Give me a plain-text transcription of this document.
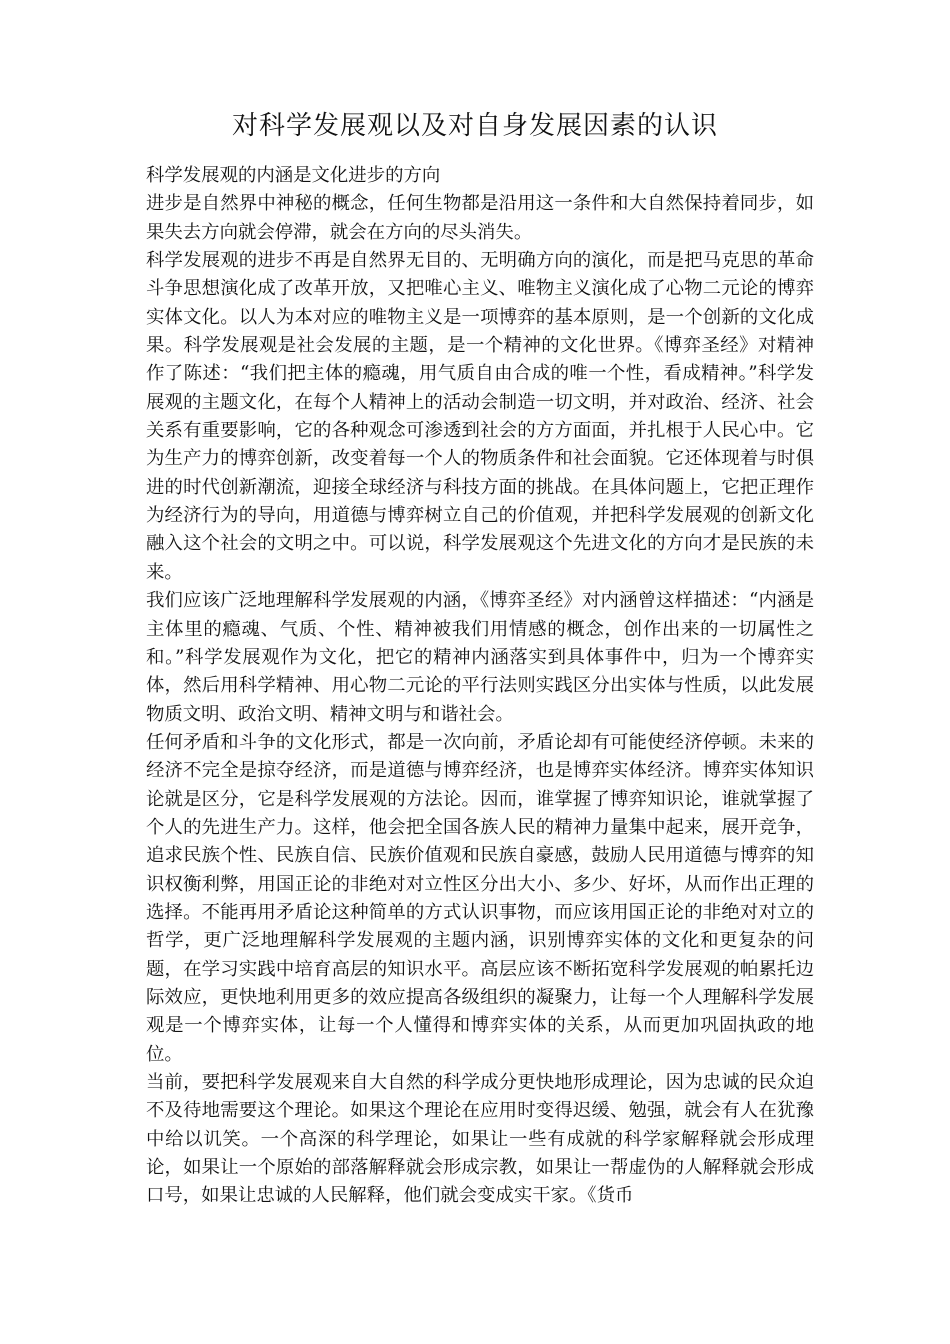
对科学发展观以及对自身发展因素的认识

科学发展观的内涵是文化进步的方向

进步是自然界中神秘的概念，任何生物都是沿用这一条件和大自然保持着同步，如果失去方向就会停滞，就会在方向的尽头消失。

科学发展观的进步不再是自然界无目的、无明确方向的演化，而是把马克思的革命斗争思想演化成了改革开放，又把唯心主义、唯物主义演化成了心物二元论的博弈实体文化。以人为本对应的唯物主义是一项博弈的基本原则，是一个创新的文化成果。科学发展观是社会发展的主题，是一个精神的文化世界。《博弈圣经》对精神作了陈述：“我们把主体的瘾魂，用气质自由合成的唯一个性，看成精神。”科学发展观的主题文化，在每个人精神上的活动会制造一切文明，并对政治、经济、社会关系有重要影响，它的各种观念可渗透到社会的方方面面，并扎根于人民心中。它为生产力的博弈创新，改变着每一个人的物质条件和社会面貌。它还体现着与时俱进的时代创新潮流，迎接全球经济与科技方面的挑战。在具体问题上，它把正理作为经济行为的导向，用道德与博弈树立自己的价值观，并把科学发展观的创新文化融入这个社会的文明之中。可以说，科学发展观这个先进文化的方向才是民族的未来。

我们应该广泛地理解科学发展观的内涵，《博弈圣经》对内涵曾这样描述：“内涵是主体里的瘾魂、气质、个性、精神被我们用情感的概念，创作出来的一切属性之和。”科学发展观作为文化，把它的精神内涵落实到具体事件中，归为一个博弈实体，然后用科学精神、用心物二元论的平行法则实践区分出实体与性质，以此发展物质文明、政治文明、精神文明与和谐社会。

任何矛盾和斗争的文化形式，都是一次向前，矛盾论却有可能使经济停顿。未来的经济不完全是掠夺经济，而是道德与博弈经济，也是博弈实体经济。博弈实体知识论就是区分，它是科学发展观的方法论。因而，谁掌握了博弈知识论，谁就掌握了个人的先进生产力。这样，他会把全国各族人民的精神力量集中起来，展开竞争，追求民族个性、民族自信、民族价值观和民族自豪感，鼓励人民用道德与博弈的知识权衡利弊，用国正论的非绝对对立性区分出大小、多少、好坏，从而作出正理的选择。不能再用矛盾论这种简单的方式认识事物，而应该用国正论的非绝对对立的哲学，更广泛地理解科学发展观的主题内涵，识别博弈实体的文化和更复杂的问题，在学习实践中培育高层的知识水平。高层应该不断拓宽科学发展观的帕累托边际效应，更快地利用更多的效应提高各级组织的凝聚力，让每一个人理解科学发展观是一个博弈实体，让每一个人懂得和博弈实体的关系，从而更加巩固执政的地位。

当前，要把科学发展观来自大自然的科学成分更快地形成理论，因为忠诚的民众迫不及待地需要这个理论。如果这个理论在应用时变得迟缓、勉强，就会有人在犹豫中给以讥笑。一个高深的科学理论，如果让一些有成就的科学家解释就会形成理论，如果让一个原始的部落解释就会形成宗教，如果让一帮虚伪的人解释就会形成口号，如果让忠诚的人民解释，他们就会变成实干家。《货币
